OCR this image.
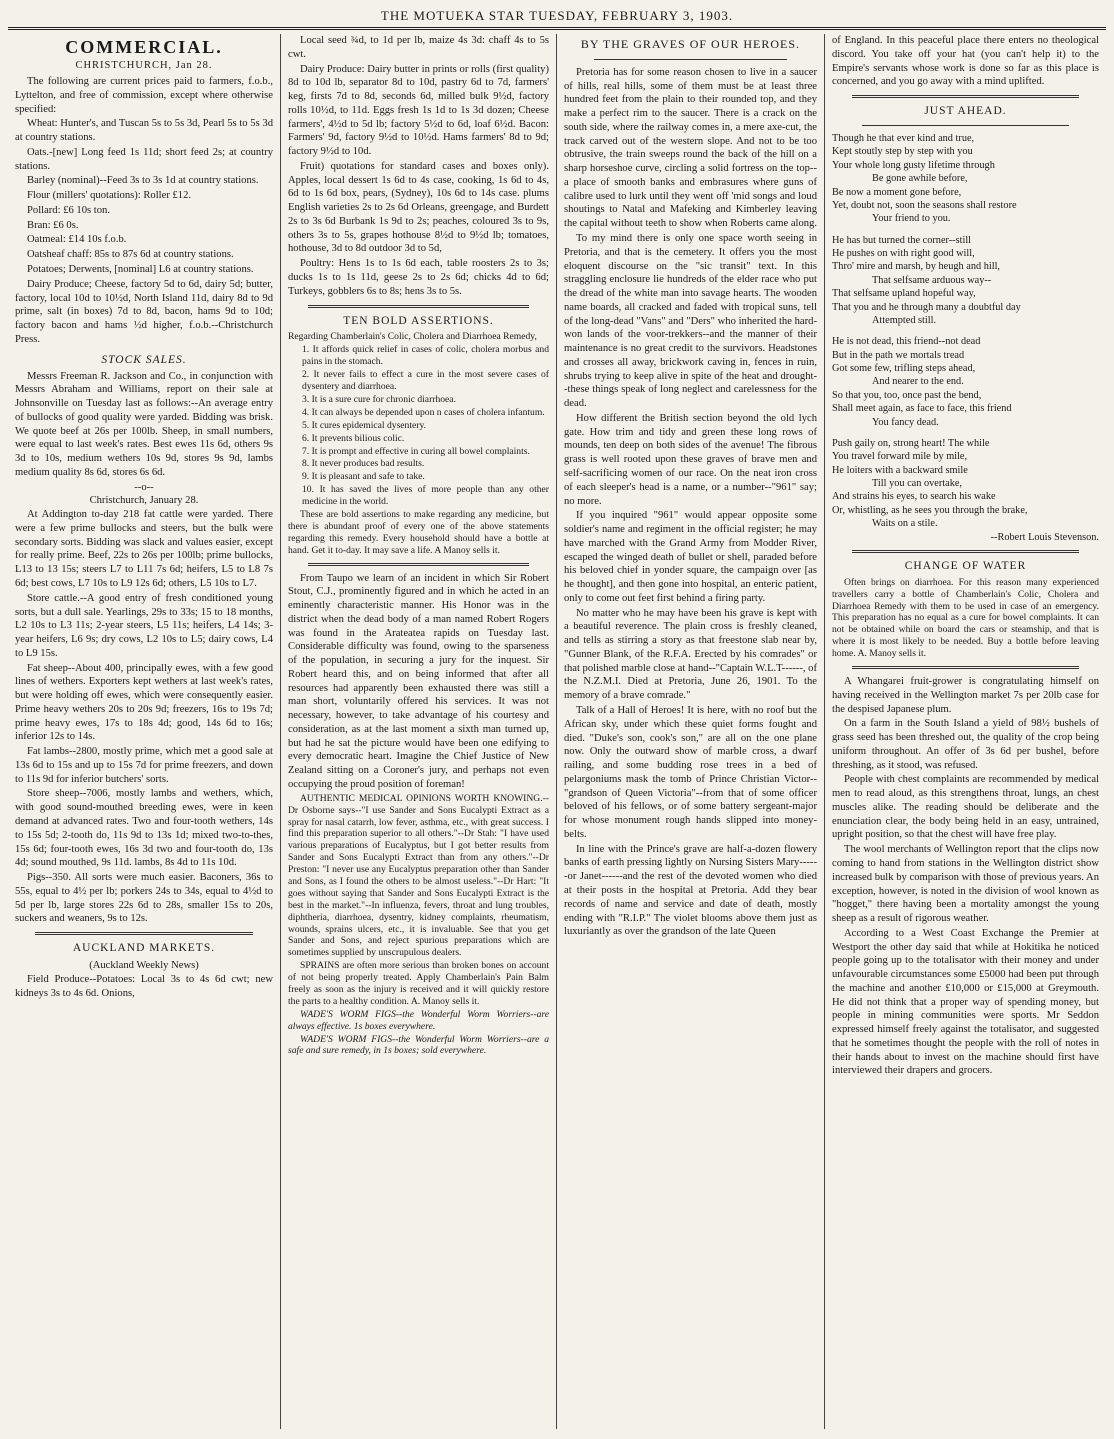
THE MOTUEKA STAR TUESDAY, FEBRUARY 3, 1903.
COMMERCIAL.
CHRISTCHURCH, Jan 28.

The following are current prices paid to farmers, f.o.b., Lyttelton, and free of commission, except where otherwise specified:

Wheat: Hunter's, and Tuscan 5s to 5s 3d, Pearl 5s to 5s 3d at country stations.

Oats.-[new] Long feed 1s 11d; short feed 2s; at country stations.

Barley (nominal)--Feed 3s to 3s 1d at country stations.

Flour (millers' quotations): Roller £12.

Pollard: £6 10s ton.

Bran: £6 0s.

Oatmeal: £14 10s f.o.b.

Oatsheaf chaff: 85s to 87s 6d at country stations.

Potatoes; Derwents, [nominal] L6 at country stations.

Dairy Produce; Cheese, factory 5d to 6d, dairy 5d; butter, factory, local 10d to 10½d, North Island 11d, dairy 8d to 9d prime, salt (in boxes) 7d to 8d, bacon, hams 9d to 10d; factory bacon and hams ½d higher, f.o.b.--Christchurch Press.

STOCK SALES.

Messrs Freeman R. Jackson and Co., in conjunction with Messrs Abraham and Williams, report on their sale at Johnsonville on Tuesday last as follows:--An average entry of bullocks of good quality were yarded. Bidding was brisk. We quote beef at 26s per 100lb. Sheep, in small numbers, were equal to last week's rates. Best ewes 11s 6d, others 9s 3d to 10s, medium wethers 10s 9d, stores 9s 9d, lambs medium quality 8s 6d, stores 6s 6d.

--o--
Christchurch, January 28.

At Addington to-day 218 fat cattle were yarded. There were a few prime bullocks and steers, but the bulk were secondary sorts. Bidding was slack and values easier, except for really prime. Beef, 22s to 26s per 100lb; prime bullocks, L13 to 13 15s; steers L7 to L11 7s 6d; heifers, L5 to L8 7s 6d; best cows, L7 10s to L9 12s 6d; others, L5 10s to L7.

Store cattle.--A good entry of fresh conditioned young sorts, but a dull sale. Yearlings, 29s to 33s; 15 to 18 months, L2 10s to L3 11s; 2-year steers, L5 11s; heifers, L4 14s; 3-year heifers, L6 9s; dry cows, L2 10s to L5; dairy cows, L4 to L9 15s.

Fat sheep--About 400, principally ewes, with a few good lines of wethers. Exporters kept wethers at last week's rates, but were holding off ewes, which were consequently easier. Prime heavy wethers 20s to 20s 9d; freezers, 16s to 19s 7d; prime heavy ewes, 17s to 18s 4d; good, 14s 6d to 16s; inferior 12s to 14s.

Fat lambs--2800, mostly prime, which met a good sale at 13s 6d to 15s and up to 15s 7d for prime freezers, and down to 11s 9d for inferior butchers' sorts.

Store sheep--7006, mostly lambs and wethers, which, with good sound-mouthed breeding ewes, were in keen demand at advanced rates. Two and four-tooth wethers, 14s to 15s 5d; 2-tooth do, 11s 9d to 13s 1d; mixed two-to-thes, 15s 6d; four-tooth ewes, 16s 3d two and four-tooth do, 13s 4d; sound mouthed, 9s 11d. lambs, 8s 4d to 11s 10d.

Pigs--350. All sorts were much easier. Baconers, 36s to 55s, equal to 4½ per lb; porkers 24s to 34s, equal to 4½d to 5d per lb, large stores 22s 6d to 28s, smaller 15s to 20s, suckers and weaners, 9s to 12s.

AUCKLAND MARKETS.
(Auckland Weekly News)

Field Produce--Potatoes: Local 3s to 4s 6d cwt; new kidneys 3s to 4s 6d. Onions,

Local seed ¾d, to 1d per lb, maize 4s 3d: chaff 4s to 5s cwt.

Dairy Produce: Dairy butter in prints or rolls (first quality) 8d to 10d lb, separator 8d to 10d, pastry 6d to 7d, farmers' keg, firsts 7d to 8d, seconds 6d, milled bulk 9½d, factory rolls 10½d, to 11d. Eggs fresh 1s 1d to 1s 3d dozen; Cheese farmers', 4½d to 5d lb; factory 5½d to 6d, loaf 6½d. Bacon: Farmers' 9d, factory 9½d to 10½d. Hams farmers' 8d to 9d; factory 9½d to 10d.

Fruit) quotations for standard cases and boxes only). Apples, local dessert 1s 6d to 4s case, cooking, 1s 6d to 4s, 6d to 1s 6d box, pears, (Sydney), 10s 6d to 14s case. plums English varieties 2s to 2s 6d Orleans, greengage, and Burdett 2s to 3s 6d Burbank 1s 9d to 2s; peaches, coloured 3s to 9s, others 3s to 5s, grapes hothouse 8½d to 9½d lb; tomatoes, hothouse, 3d to 8d outdoor 3d to 5d,

Poultry: Hens 1s to 1s 6d each, table roosters 2s to 3s; ducks 1s to 1s 11d, geese 2s to 2s 6d; chicks 4d to 6d; Turkeys, gobblers 6s to 8s; hens 3s to 5s.

TEN BOLD ASSERTIONS.

Regarding Chamberlain's Colic, Cholera and Diarrhoea Remedy,

1. It affords quick relief in cases of colic, cholera morbus and pains in the stomach.

2. It never fails to effect a cure in the most severe cases of dysentery and diarrhoea.

3. It is a sure cure for chronic diarrhoea.

4. It can always be depended upon n cases of cholera infantum.

5. It cures epidemical dysentery.

6. It prevents bilious colic.

7. It is prompt and effective in curing all bowel complaints.

8. It never produces bad results.

9. It is pleasant and safe to take.

10. It has saved the lives of more people than any other medicine in the world.

These are bold assertions to make regarding any medicine, but there is abundant proof of every one of the above statements regarding this remedy. Every household should have a bottle at hand. Get it to-day. It may save a life. A Manoy sells it.

From Taupo we learn of an incident in which Sir Robert Stout, C.J., prominently figured and in which he acted in an eminently characteristic manner. His Honor was in the district when the dead body of a man named Robert Rogers was found in the Arateatea rapids on Tuesday last. Considerable difficulty was found, owing to the sparseness of the population, in securing a jury for the inquest. Sir Robert heard this, and on being informed that after all resources had apparently been exhausted there was still a man short, voluntarily offered his services. It was not necessary, however, to take advantage of his courtesy and consideration, as at the last moment a sixth man turned up, but had he sat the picture would have been one edifying to every democratic heart. Imagine the Chief Justice of New Zealand sitting on a Coroner's jury, and perhaps not even occupying the proud position of foreman!

AUTHENTIC MEDICAL OPINIONS WORTH KNOWING.--Dr Osborne says--"I use Sander and Sons Eucalypti Extract as a spray for nasal catarrh, low fever, asthma, etc., with great success. I find this preparation superior to all others."--Dr Stah: "I have used various preparations of Eucalyptus, but I got better results from Sander and Sons Eucalypti Extract than from any others."--Dr Preston: "I never use any Eucalyptus preparation other than Sander and Sons, as I found the others to be almost useless."--Dr Hart: "It goes without saying that Sander and Sons Eucalypti Extract is the best in the market."--In influenza, fevers, throat and lung troubles, diphtheria, diarrhoea, dysentry, kidney complaints, rheumatism, wounds, sprains ulcers, etc., it is invaluable. See that you get Sander and Sons, and reject spurious preparations which are sometimes supplied by unscrupulous dealers.

SPRAINS are often more serious than broken bones on account of not being properly treated. Apply Chamberlain's Pain Balm freely as soon as the injury is received and it will quickly restore the parts to a healthy condition. A. Manoy sells it.

WADE'S WORM FIGS--the Wonderful Worm Worriers--are always effective. 1s boxes everywhere.

WADE'S WORM FIGS--the Wonderful Worm Worriers--are a safe and sure remedy, in 1s boxes; sold everywhere.

BY THE GRAVES OF OUR HEROES.

Pretoria has for some reason chosen to live in a saucer of hills, real hills, some of them must be at least three hundred feet from the plain to their rounded top, and they make a perfect rim to the saucer. There is a crack on the south side, where the railway comes in, a mere axe-cut, the track carved out of the western slope. And not to be too obtrusive, the train sweeps round the back of the hill on a sharp horseshoe curve, circling a solid fortress on the top--a place of smooth banks and embrasures where guns of calibre used to lurk until they went off 'mid songs and loud shoutings to Natal and Mafeking and Kimberley leaving the capital without teeth to show when Roberts came along.

To my mind there is only one space worth seeing in Pretoria, and that is the cemetery. It offers you the most eloquent discourse on the "sic transit" text. In this straggling enclosure lie hundreds of the elder race who put the dread of the white man into savage hearts. The wooden name boards, all cracked and faded with tropical suns, tell of the long-dead "Vans" and "Ders" who inherited the hard-won lands of the voor-trekkers--and the manner of their maintenance is no great credit to the survivors. Headstones and crosses all away, brickwork caving in, fences in ruin, shrubs trying to keep alive in spite of the heat and drought--these things speak of long neglect and carelessness for the dead.

How different the British section beyond the old lych gate. How trim and tidy and green these long rows of mounds, ten deep on both sides of the avenue! The fibrous grass is well rooted upon these graves of brave men and self-sacrificing women of our race. On the neat iron cross of each sleeper's head is a name, or a number--"961" say; no more.

If you inquired "961" would appear opposite some soldier's name and regiment in the official register; he may have marched with the Grand Army from Modder River, escaped the winged death of bullet or shell, paraded before his beloved chief in yonder square, the campaign over [as he thought], and then gone into hospital, an enteric patient, only to come out feet first behind a firing party.

No matter who he may have been his grave is kept with a beautiful reverence. The plain cross is freshly cleaned, and tells as stirring a story as that freestone slab near by, "Gunner Blank, of the R.F.A. Erected by his comrades" or that polished marble close at hand--"Captain W.L.T------, of the N.Z.M.I. Died at Pretoria, June 26, 1901. To the memory of a brave comrade."

Talk of a Hall of Heroes! It is here, with no roof but the African sky, under which these quiet forms fought and died. "Duke's son, cook's son," are all on the one plane now. Only the outward show of marble cross, a dwarf railing, and some budding rose trees in a bed of pelargoniums mask the tomb of Prince Christian Victor--"grandson of Queen Victoria"--from that of some officer beloved of his fellows, or of some battery sergeant-major for whose monument rough hands slipped into money-belts.

In line with the Prince's grave are half-a-dozen flowery banks of earth pressing lightly on Nursing Sisters Mary------or Janet------and the rest of the devoted women who died at their posts in the hospital at Pretoria. Add they bear records of name and service and date of death, mostly ending with "R.I.P." The violet blooms above them just as luxuriantly as over the grandson of the late Queen

of England. In this peaceful place there enters no theological discord. You take off your hat (you can't help it) to the Empire's servants whose work is done so far as this place is concerned, and you go away with a mind uplifted.

JUST AHEAD.

Though he that ever kind and true,

Kept stoutly step by step with you

Your whole long gusty lifetime through

Be gone awhile before,

Be now a moment gone before,

Yet, doubt not, soon the seasons shall restore

Your friend to you.

He has but turned the corner--still

He pushes on with right good will,

Thro' mire and marsh, by heugh and hill,

That selfsame arduous way--

That selfsame upland hopeful way,

That you and he through many a doubtful day

Attempted still.

He is not dead, this friend--not dead

But in the path we mortals tread

Got some few, trifling steps ahead,

And nearer to the end.

So that you, too, once past the bend,

Shall meet again, as face to face, this friend

You fancy dead.

Push gaily on, strong heart! The while

You travel forward mile by mile,

He loiters with a backward smile

Till you can overtake,

And strains his eyes, to search his wake

Or, whistling, as he sees you through the brake,

Waits on a stile.

--Robert Louis Stevenson.

CHANGE OF WATER

Often brings on diarrhoea. For this reason many experienced travellers carry a bottle of Chamberlain's Colic, Cholera and Diarrhoea Remedy with them to be used in case of an emergency. This preparation has no equal as a cure for bowel complaints. It can not be obtained while on board the cars or steamship, and that is where it is most likely to be needed. Buy a bottle before leaving home. A. Manoy sells it.

A Whangarei fruit-grower is congratulating himself on having received in the Wellington market 7s per 20lb case for the despised Japanese plum.

On a farm in the South Island a yield of 98½ bushels of grass seed has been threshed out, the quality of the crop being uniform throughout. An offer of 3s 6d per bushel, before threshing, as it stood, was refused.

People with chest complaints are recommended by medical men to read aloud, as this strengthens throat, lungs, an chest muscles alike. The reading should be deliberate and the enunciation clear, the body being held in an easy, untrained, upright position, so that the chest will have free play.

The wool merchants of Wellington report that the clips now coming to hand from stations in the Wellington district show increased bulk by comparison with those of previous years. An exception, however, is noted in the division of wool known as "hogget," there having been a mortality amongst the young sheep as a result of rigorous weather.

According to a West Coast Exchange the Premier at Westport the other day said that while at Hokitika he noticed people going up to the totalisator with their money and under unfavourable circumstances some £5000 had been put through the machine and another £10,000 or £15,000 at Greymouth. He did not think that a proper way of spending money, but people in mining communities were sports. Mr Seddon expressed himself freely against the totalisator, and suggested that he sometimes thought the people with the roll of notes in their hands about to invest on the machine should first have interviewed their drapers and grocers.
